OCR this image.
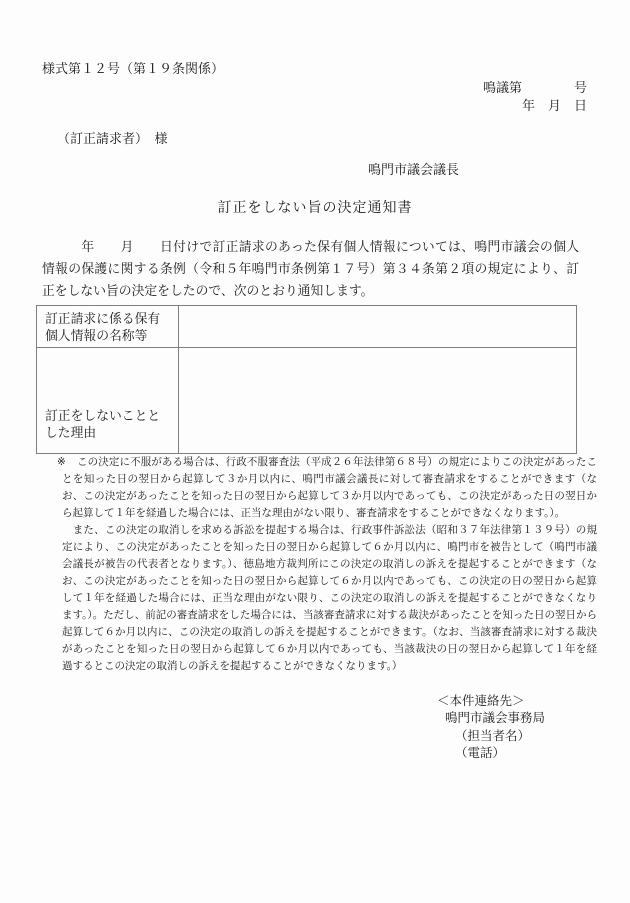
様式第１２号（第１９条関係）
鳴議第　　　　号
年　月　日
（訂正請求者）　様
鳴門市議会議長
訂正をしない旨の決定通知書

　　　年　　月　　日付けで訂正請求のあった保有個人情報については、鳴門市議会の個人情報の保護に関する条例（令和５年鳴門市条例第１７号）第３４条第２項の規定により、訂正をしない旨の決定をしたので、次のとおり通知します。

訂正請求に係る保有個人情報の名称等	
訂正をしないこととした理由	
※	この決定に不服がある場合は、行政不服審査法（平成２６年法律第６８号）の規定によりこの決定があったことを知った日の翌日から起算して３か月以内に、鳴門市議会議長に対して審査請求をすることができます（なお、この決定があったことを知った日の翌日から起算して３か月以内であっても、この決定があった日の翌日から起算して１年を経過した場合には、正当な理由がない限り、審査請求をすることができなくなります。）。

　また、この決定の取消しを求める訴訟を提起する場合は、行政事件訴訟法（昭和３７年法律第１３９号）の規定により、この決定があったことを知った日の翌日から起算して６か月以内に、鳴門市を被告として（鳴門市議会議長が被告の代表者となります。）、徳島地方裁判所にこの決定の取消しの訴えを提起することができます（なお、この決定があったことを知った日の翌日から起算して６か月以内であっても、この決定の日の翌日から起算して１年を経過した場合には、正当な理由がない限り、この決定の取消しの訴えを提起することができなくなります。）。ただし、前記の審査請求をした場合には、当該審査請求に対する裁決があったことを知った日の翌日から起算して６か月以内に、この決定の取消しの訴えを提起することができます。（なお、当該審査請求に対する裁決があったことを知った日の翌日から起算して６か月以内であっても、当該裁決の日の翌日から起算して１年を経過するとこの決定の取消しの訴えを提起することができなくなります。）

＜本件連絡先＞
鳴門市議会事務局
（担当者名）
（電話）
